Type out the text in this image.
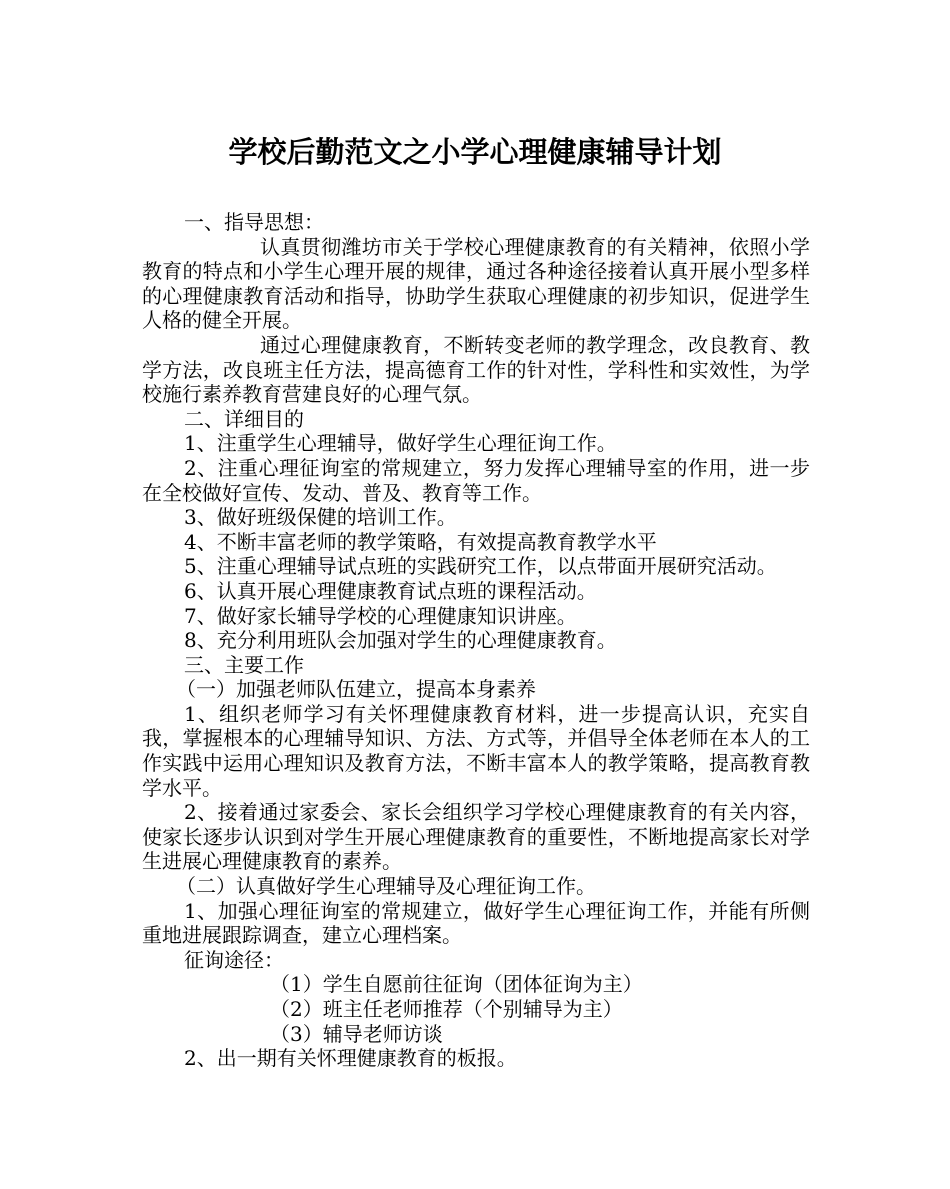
学校后勤范文之小学心理健康辅导计划

一、指导思想：

认真贯彻潍坊市关于学校心理健康教育的有关精神，依照小学教育的特点和小学生心理开展的规律，通过各种途径接着认真开展小型多样的心理健康教育活动和指导，协助学生获取心理健康的初步知识，促进学生人格的健全开展。

通过心理健康教育，不断转变老师的教学理念，改良教育、教学方法，改良班主任方法，提高德育工作的针对性，学科性和实效性，为学校施行素养教育营建良好的心理气氛。

二、详细目的

1、注重学生心理辅导，做好学生心理征询工作。

2、注重心理征询室的常规建立，努力发挥心理辅导室的作用，进一步在全校做好宣传、发动、普及、教育等工作。

3、做好班级保健的培训工作。

4、不断丰富老师的教学策略，有效提高教育教学水平

5、注重心理辅导试点班的实践研究工作，以点带面开展研究活动。

6、认真开展心理健康教育试点班的课程活动。

7、做好家长辅导学校的心理健康知识讲座。

8、充分利用班队会加强对学生的心理健康教育。

三、主要工作

（一）加强老师队伍建立，提高本身素养

1、组织老师学习有关怀理健康教育材料，进一步提高认识，充实自我，掌握根本的心理辅导知识、方法、方式等，并倡导全体老师在本人的工作实践中运用心理知识及教育方法，不断丰富本人的教学策略，提高教育教学水平。

2、接着通过家委会、家长会组织学习学校心理健康教育的有关内容，使家长逐步认识到对学生开展心理健康教育的重要性，不断地提高家长对学生进展心理健康教育的素养。

（二）认真做好学生心理辅导及心理征询工作。

1、加强心理征询室的常规建立，做好学生心理征询工作，并能有所侧重地进展跟踪调查，建立心理档案。

征询途径：

（1）学生自愿前往征询（团体征询为主）

（2）班主任老师推荐（个别辅导为主）

（3）辅导老师访谈

2、出一期有关怀理健康教育的板报。
